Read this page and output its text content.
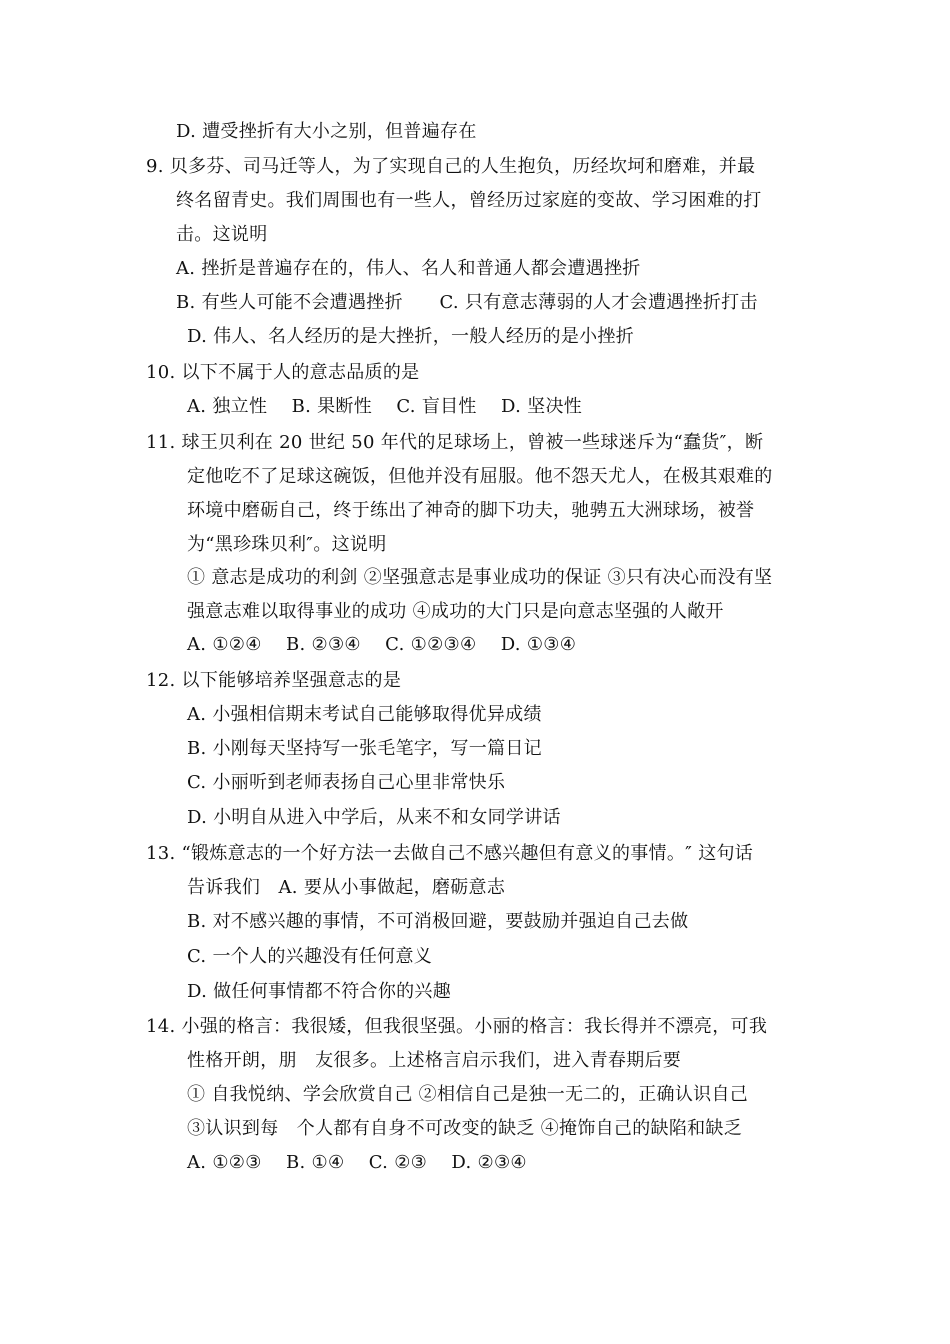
D. 遭受挫折有大小之别，但普遍存在
9. 贝多芬、司马迁等人，为了实现自己的人生抱负，历经坎坷和磨难，并最
终名留青史。我们周围也有一些人，曾经历过家庭的变故、学习困难的打
击。这说明
A. 挫折是普遍存在的，伟人、名人和普通人都会遭遇挫折
B. 有些人可能不会遭遇挫折　　C. 只有意志薄弱的人才会遭遇挫折打击
D. 伟人、名人经历的是大挫折，一般人经历的是小挫折
10. 以下不属于人的意志品质的是
A. 独立性　 B. 果断性　 C. 盲目性　 D. 坚决性
11. 球王贝利在 20 世纪 50 年代的足球场上，曾被一些球迷斥为“蠢货″，断
定他吃不了足球这碗饭，但他并没有屈服。他不怨天尤人，在极其艰难的
环境中磨砺自己，终于练出了神奇的脚下功夫，驰骋五大洲球场，被誉
为“黑珍珠贝利″。这说明
① 意志是成功的利剑 ②坚强意志是事业成功的保证 ③只有决心而没有坚
强意志难以取得事业的成功 ④成功的大门只是向意志坚强的人敞开
A. ①②④　 B. ②③④　 C. ①②③④　 D. ①③④
12. 以下能够培养坚强意志的是
A. 小强相信期末考试自己能够取得优异成绩
B. 小刚每天坚持写一张毛笔字，写一篇日记
C. 小丽听到老师表扬自己心里非常快乐
D. 小明自从进入中学后，从来不和女同学讲话
13. “锻炼意志的一个好方法一去做自己不感兴趣但有意义的事情。″ 这句话
告诉我们　A. 要从小事做起，磨砺意志
B. 对不感兴趣的事情，不可消极回避，要鼓励并强迫自己去做
C. 一个人的兴趣没有任何意义
D. 做任何事情都不符合你的兴趣
14. 小强的格言：我很矮，但我很坚强。小丽的格言：我长得并不漂亮，可我
性格开朗，朋　友很多。上述格言启示我们，进入青春期后要
① 自我悦纳、学会欣赏自己 ②相信自己是独一无二的，正确认识自己
③认识到每　个人都有自身不可改变的缺乏 ④掩饰自己的缺陷和缺乏
A. ①②③　 B. ①④　 C. ②③　 D. ②③④
